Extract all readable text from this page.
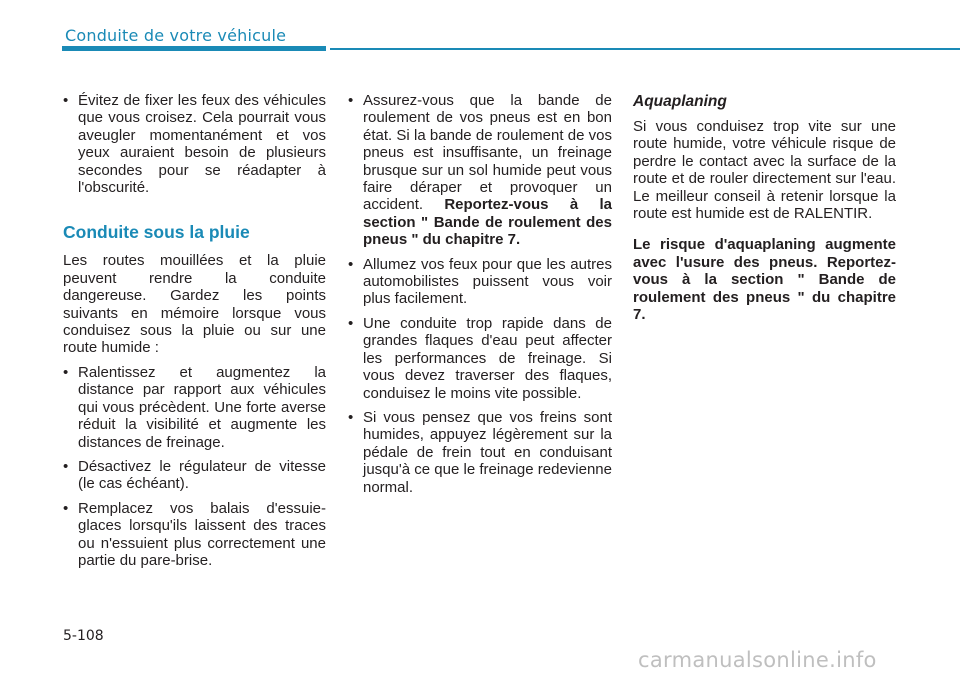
Conduite de votre véhicule
• Évitez de fixer les feux des véhicules que vous croisez. Cela pourrait vous aveugler momentanément et vos yeux auraient besoin de plusieurs secondes pour se réadapter à l'obscurité.
Conduite sous la pluie
Les routes mouillées et la pluie peuvent rendre la conduite dangereuse. Gardez les points suivants en mémoire lorsque vous conduisez sous la pluie ou sur une route humide :
• Ralentissez et augmentez la distance par rapport aux véhicules qui vous précèdent. Une forte averse réduit la visibilité et augmente les distances de freinage.
• Désactivez le régulateur de vitesse (le cas échéant).
• Remplacez vos balais d'essuie-glaces lorsqu'ils laissent des traces ou n'essuient plus correctement une partie du pare-brise.
• Assurez-vous que la bande de roulement de vos pneus est en bon état. Si la bande de roulement de vos pneus est insuffisante, un freinage brusque sur un sol humide peut vous faire déraper et provoquer un accident. Reportez-vous à la section " Bande de roulement des pneus " du chapitre 7.
• Allumez vos feux pour que les autres automobilistes puissent vous voir plus facilement.
• Une conduite trop rapide dans de grandes flaques d'eau peut affecter les performances de freinage. Si vous devez traverser des flaques, conduisez le moins vite possible.
• Si vous pensez que vos freins sont humides, appuyez légèrement sur la pédale de frein tout en conduisant jusqu'à ce que le freinage redevienne normal.
Aquaplaning
Si vous conduisez trop vite sur une route humide, votre véhicule risque de perdre le contact avec la surface de la route et de rouler directement sur l'eau. Le meilleur conseil à retenir lorsque la route est humide est de RALENTIR.
Le risque d'aquaplaning augmente avec l'usure des pneus. Reportez-vous à la section " Bande de roulement des pneus " du chapitre 7.
5-108
carmanualsonline.info
